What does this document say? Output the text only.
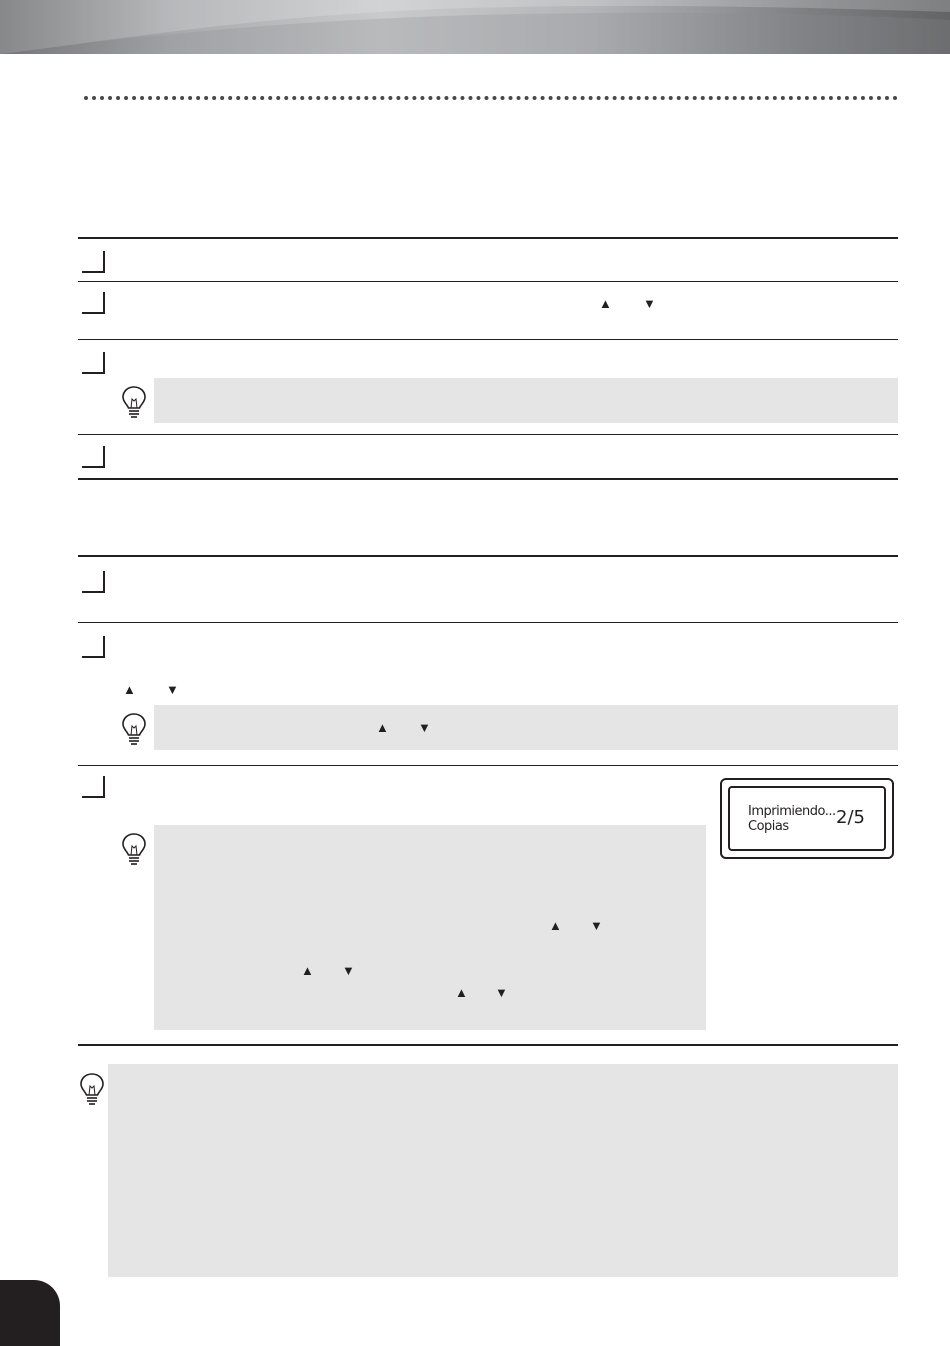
▲ ▼
▲ ▼
▲ ▼
Imprimiendo...
Copias	2/5
▲ ▼
▲ ▼
▲ ▼
